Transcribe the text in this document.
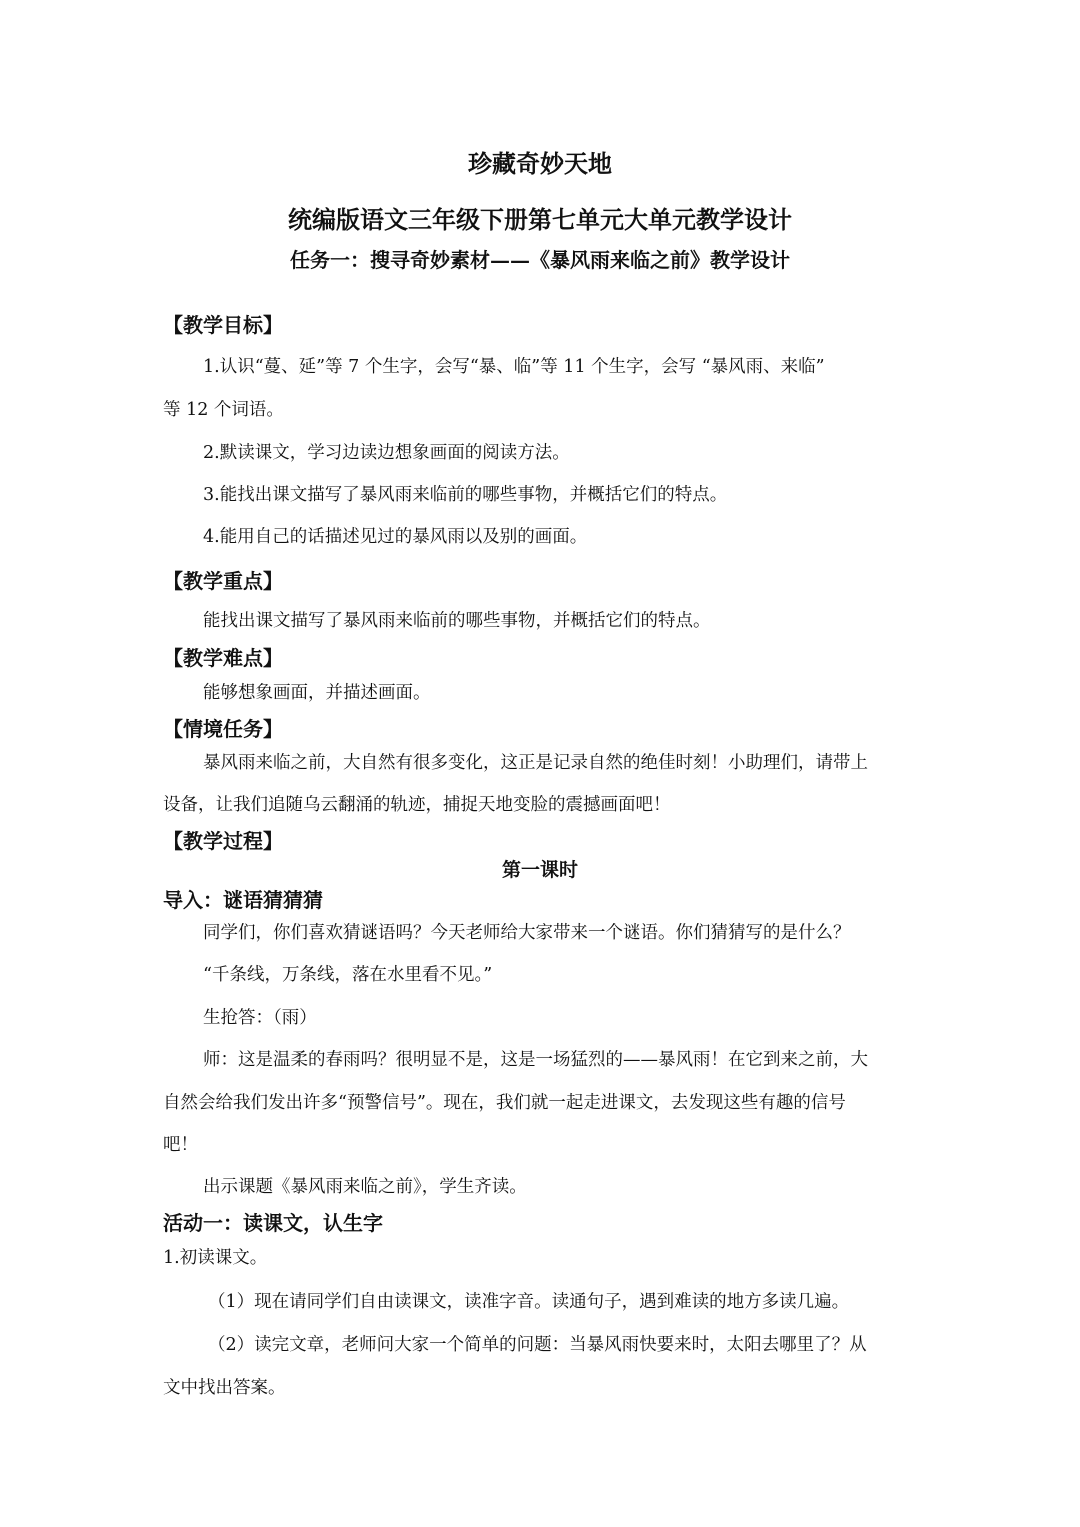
珍藏奇妙天地

统编版语文三年级下册第七单元大单元教学设计

任务一：搜寻奇妙素材——《暴风雨来临之前》教学设计

【教学目标】

1.认识“蔓、延”等 7 个生字，会写“暴、临”等 11 个生字，会写 “暴风雨、来临”

等 12 个词语。

2.默读课文，学习边读边想象画面的阅读方法。

3.能找出课文描写了暴风雨来临前的哪些事物，并概括它们的特点。

4.能用自己的话描述见过的暴风雨以及别的画面。

【教学重点】

能找出课文描写了暴风雨来临前的哪些事物，并概括它们的特点。

【教学难点】

能够想象画面，并描述画面。

【情境任务】

暴风雨来临之前，大自然有很多变化，这正是记录自然的绝佳时刻！小助理们，请带上

设备，让我们追随乌云翻涌的轨迹，捕捉天地变脸的震撼画面吧！

【教学过程】

第一课时

导入：谜语猜猜猜

同学们，你们喜欢猜谜语吗？今天老师给大家带来一个谜语。你们猜猜写的是什么？

“千条线，万条线，落在水里看不见。”

生抢答：（雨）

师：这是温柔的春雨吗？很明显不是，这是一场猛烈的——暴风雨！在它到来之前，大

自然会给我们发出许多“预警信号”。现在，我们就一起走进课文，去发现这些有趣的信号

吧！

出示课题《暴风雨来临之前》，学生齐读。

活动一：读课文，认生字

1.初读课文。

（1）现在请同学们自由读课文，读准字音。读通句子，遇到难读的地方多读几遍。

（2）读完文章，老师问大家一个简单的问题：当暴风雨快要来时，太阳去哪里了？从

文中找出答案。
